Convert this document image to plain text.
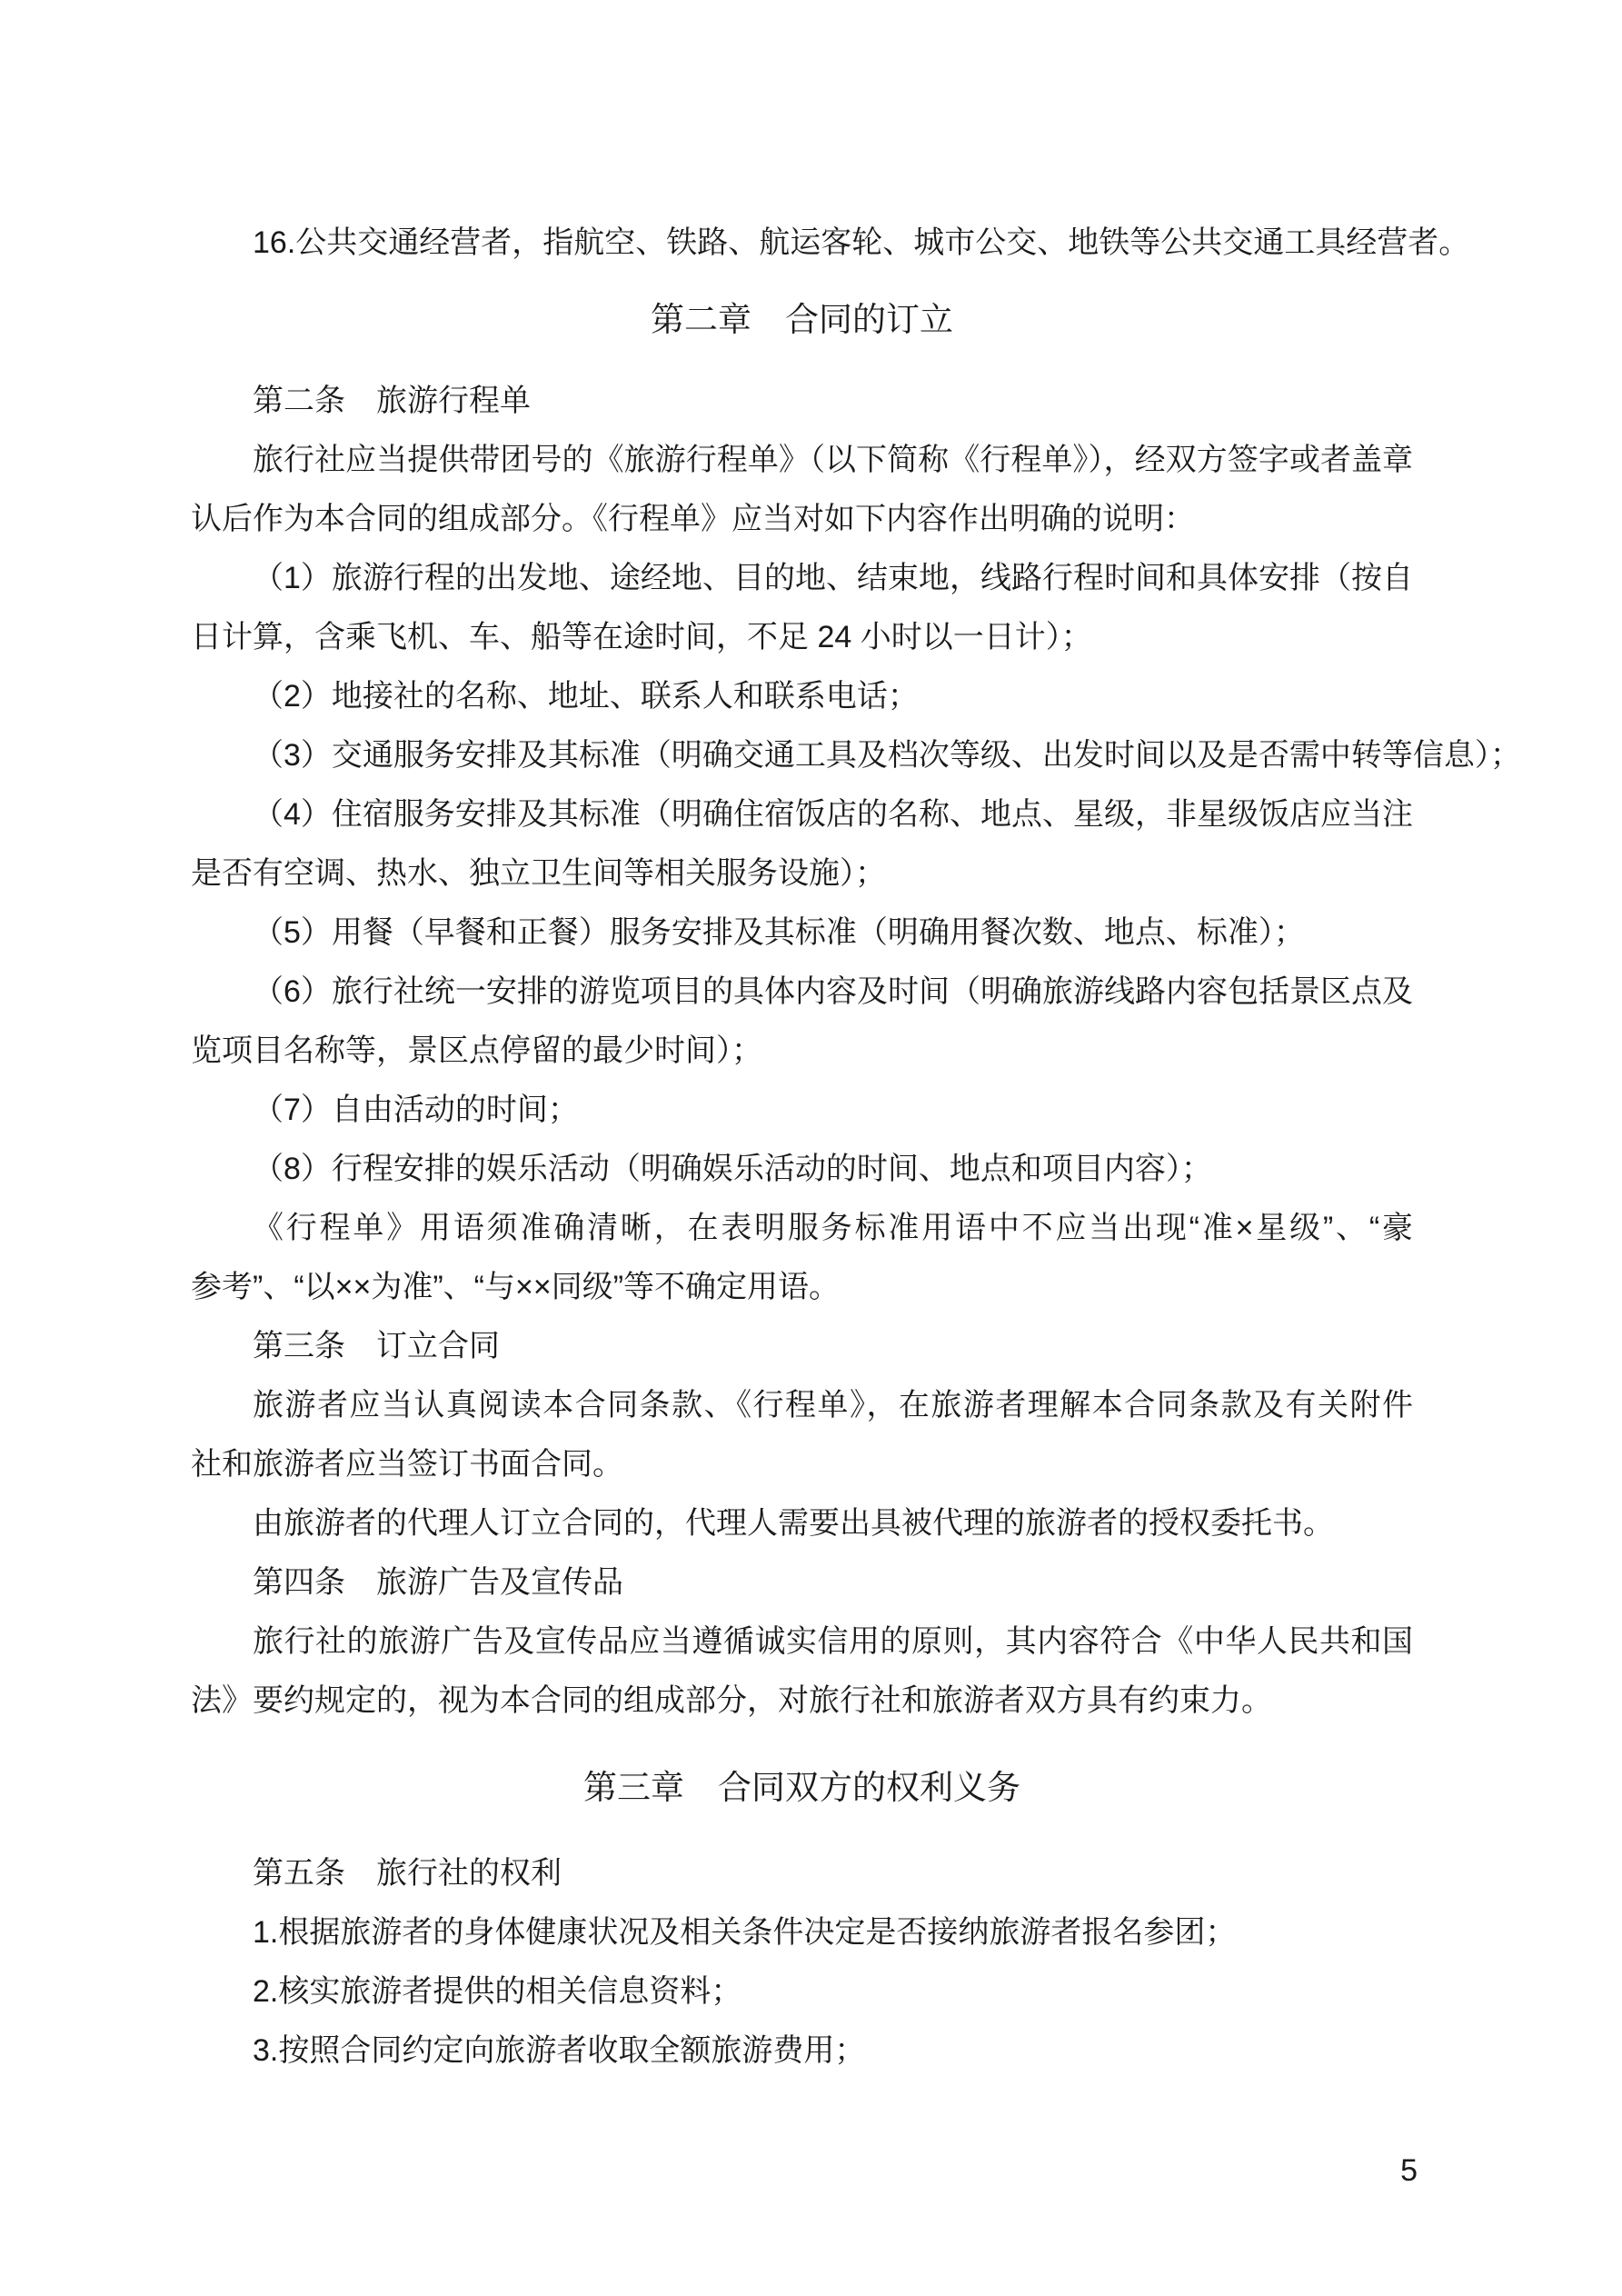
16.公共交通经营者，指航空、铁路、航运客轮、城市公交、地铁等公共交通工具经营者。
第二章　合同的订立
第二条　旅游行程单
旅行社应当提供带团号的《旅游行程单》（以下简称《行程单》），经双方签字或者盖章
认后作为本合同的组成部分。《行程单》应当对如下内容作出明确的说明：
（1）旅游行程的出发地、途经地、目的地、结束地，线路行程时间和具体安排（按自
日计算，含乘飞机、车、船等在途时间，不足 24 小时以一日计）；
（2）地接社的名称、地址、联系人和联系电话；
（3）交通服务安排及其标准（明确交通工具及档次等级、出发时间以及是否需中转等信息）；
（4）住宿服务安排及其标准（明确住宿饭店的名称、地点、星级，非星级饭店应当注
是否有空调、热水、独立卫生间等相关服务设施）；
（5）用餐（早餐和正餐）服务安排及其标准（明确用餐次数、地点、标准）；
（6）旅行社统一安排的游览项目的具体内容及时间（明确旅游线路内容包括景区点及
览项目名称等，景区点停留的最少时间）；
（7）自由活动的时间；
（8）行程安排的娱乐活动（明确娱乐活动的时间、地点和项目内容）；
《行程单》用语须准确清晰，在表明服务标准用语中不应当出现“准×星级”、“豪
参考”、“以××为准”、“与××同级”等不确定用语。
第三条　订立合同
旅游者应当认真阅读本合同条款、《行程单》，在旅游者理解本合同条款及有关附件
社和旅游者应当签订书面合同。
由旅游者的代理人订立合同的，代理人需要出具被代理的旅游者的授权委托书。
第四条　旅游广告及宣传品
旅行社的旅游广告及宣传品应当遵循诚实信用的原则，其内容符合《中华人民共和国
法》要约规定的，视为本合同的组成部分，对旅行社和旅游者双方具有约束力。
第三章　合同双方的权利义务
第五条　旅行社的权利
1.根据旅游者的身体健康状况及相关条件决定是否接纳旅游者报名参团；
2.核实旅游者提供的相关信息资料；
3.按照合同约定向旅游者收取全额旅游费用；
5
